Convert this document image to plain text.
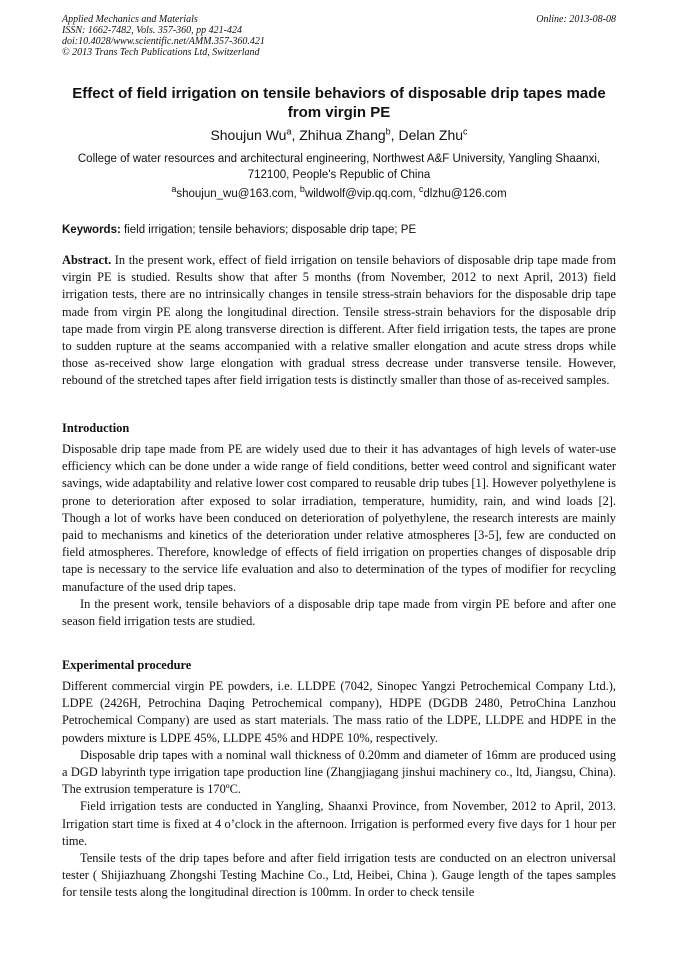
Applied Mechanics and Materials
ISSN: 1662-7482, Vols. 357-360, pp 421-424
doi:10.4028/www.scientific.net/AMM.357-360.421
© 2013 Trans Tech Publications Ltd, Switzerland
Online: 2013-08-08
Effect of field irrigation on tensile behaviors of disposable drip tapes made from virgin PE
Shoujun Wu$^a$, Zhihua Zhang$^b$, Delan Zhu$^c$
College of water resources and architectural engineering, Northwest A&F University, Yangling Shaanxi, 712100, People's Republic of China
$^a$shoujun_wu@163.com, $^b$wildwolf@vip.qq.com, $^c$dlzhu@126.com
Keywords: field irrigation; tensile behaviors; disposable drip tape; PE

Abstract. In the present work, effect of field irrigation on tensile behaviors of disposable drip tape made from virgin PE is studied. Results show that after 5 months (from November, 2012 to next April, 2013) field irrigation tests, there are no intrinsically changes in tensile stress-strain behaviors for the disposable drip tape made from virgin PE along the longitudinal direction. Tensile stress-strain behaviors for the disposable drip tape made from virgin PE along transverse direction is different. After field irrigation tests, the tapes are prone to sudden rupture at the seams accompanied with a relative smaller elongation and acute stress drops while those as-received show large elongation with gradual stress decrease under transverse tensile. However, rebound of the stretched tapes after field irrigation tests is distinctly smaller than those of as-received samples.

Introduction

Disposable drip tape made from PE are widely used due to their it has advantages of high levels of water-use efficiency which can be done under a wide range of field conditions, better weed control and significant water savings, wide adaptability and relative lower cost compared to reusable drip tubes [1]. However polyethylene is prone to deterioration after exposed to solar irradiation, temperature, humidity, rain, and wind loads [2]. Though a lot of works have been conduced on deterioration of polyethylene, the research interests are mainly paid to mechanisms and kinetics of the deterioration under relative atmospheres [3-5], few are conducted on field atmospheres. Therefore, knowledge of effects of field irrigation on properties changes of disposable drip tape is necessary to the service life evaluation and also to determination of the types of modifier for recycling manufacture of the used drip tapes.

In the present work, tensile behaviors of a disposable drip tape made from virgin PE before and after one season field irrigation tests are studied.

Experimental procedure

Different commercial virgin PE powders, i.e. LLDPE (7042, Sinopec Yangzi Petrochemical Company Ltd.), LDPE (2426H, Petrochina Daqing Petrochemical company), HDPE (DGDB 2480, PetroChina Lanzhou Petrochemical Company) are used as start materials. The mass ratio of the LDPE, LLDPE and HDPE in the powders mixture is LDPE 45%, LLDPE 45% and HDPE 10%, respectively.

Disposable drip tapes with a nominal wall thickness of 0.20mm and diameter of 16mm are produced using a DGD labyrinth type irrigation tape production line (Zhangjiagang jinshui machinery co., ltd, Jiangsu, China). The extrusion temperature is 170ºC.

Field irrigation tests are conducted in Yangling, Shaanxi Province, from November, 2012 to April, 2013. Irrigation start time is fixed at 4 o’clock in the afternoon. Irrigation is performed every five days for 1 hour per time.

Tensile tests of the drip tapes before and after field irrigation tests are conducted on an electron universal tester ( Shijiazhuang Zhongshi Testing Machine Co., Ltd, Heibei, China ). Gauge length of the tapes samples for tensile tests along the longitudinal direction is 100mm. In order to check tensile
